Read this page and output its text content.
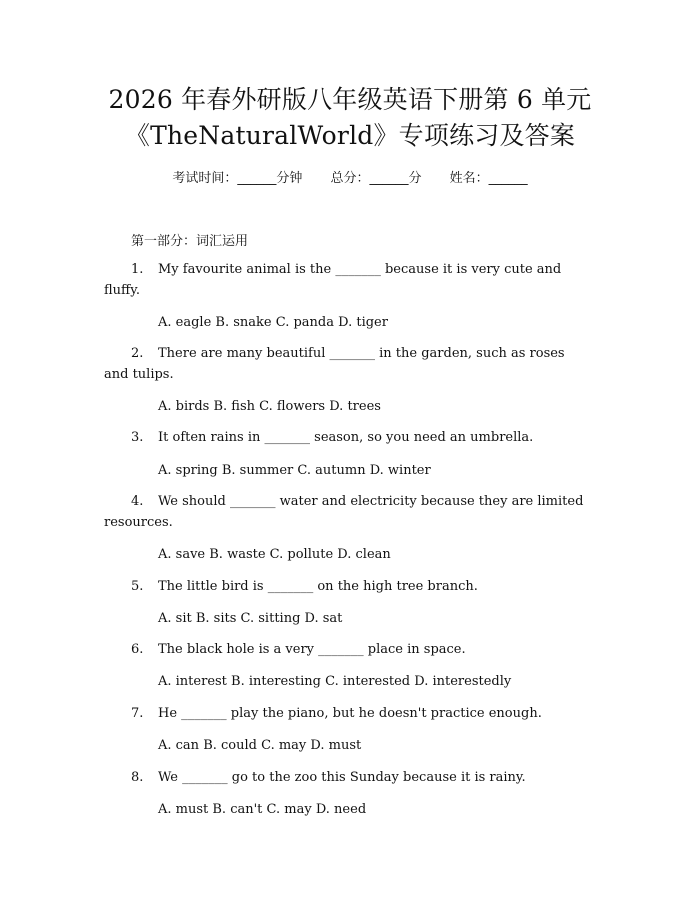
2026 年春外研版八年级英语下册第 6 单元
《TheNaturalWorld》专项练习及答案
考试时间：______分钟 总分：______分 姓名：______
第一部分：词汇运用
1. My favourite animal is the _______ because it is very cute and
fluffy.
A. eagle B. snake C. panda D. tiger
2. There are many beautiful _______ in the garden, such as roses
and tulips.
A. birds B. fish C. flowers D. trees
3. It often rains in _______ season, so you need an umbrella.
A. spring B. summer C. autumn D. winter
4. We should _______ water and electricity because they are limited
resources.
A. save B. waste C. pollute D. clean
5. The little bird is _______ on the high tree branch.
A. sit B. sits C. sitting D. sat
6. The black hole is a very _______ place in space.
A. interest B. interesting C. interested D. interestedly
7. He _______ play the piano, but he doesn't practice enough.
A. can B. could C. may D. must
8. We _______ go to the zoo this Sunday because it is rainy.
A. must B. can't C. may D. need
